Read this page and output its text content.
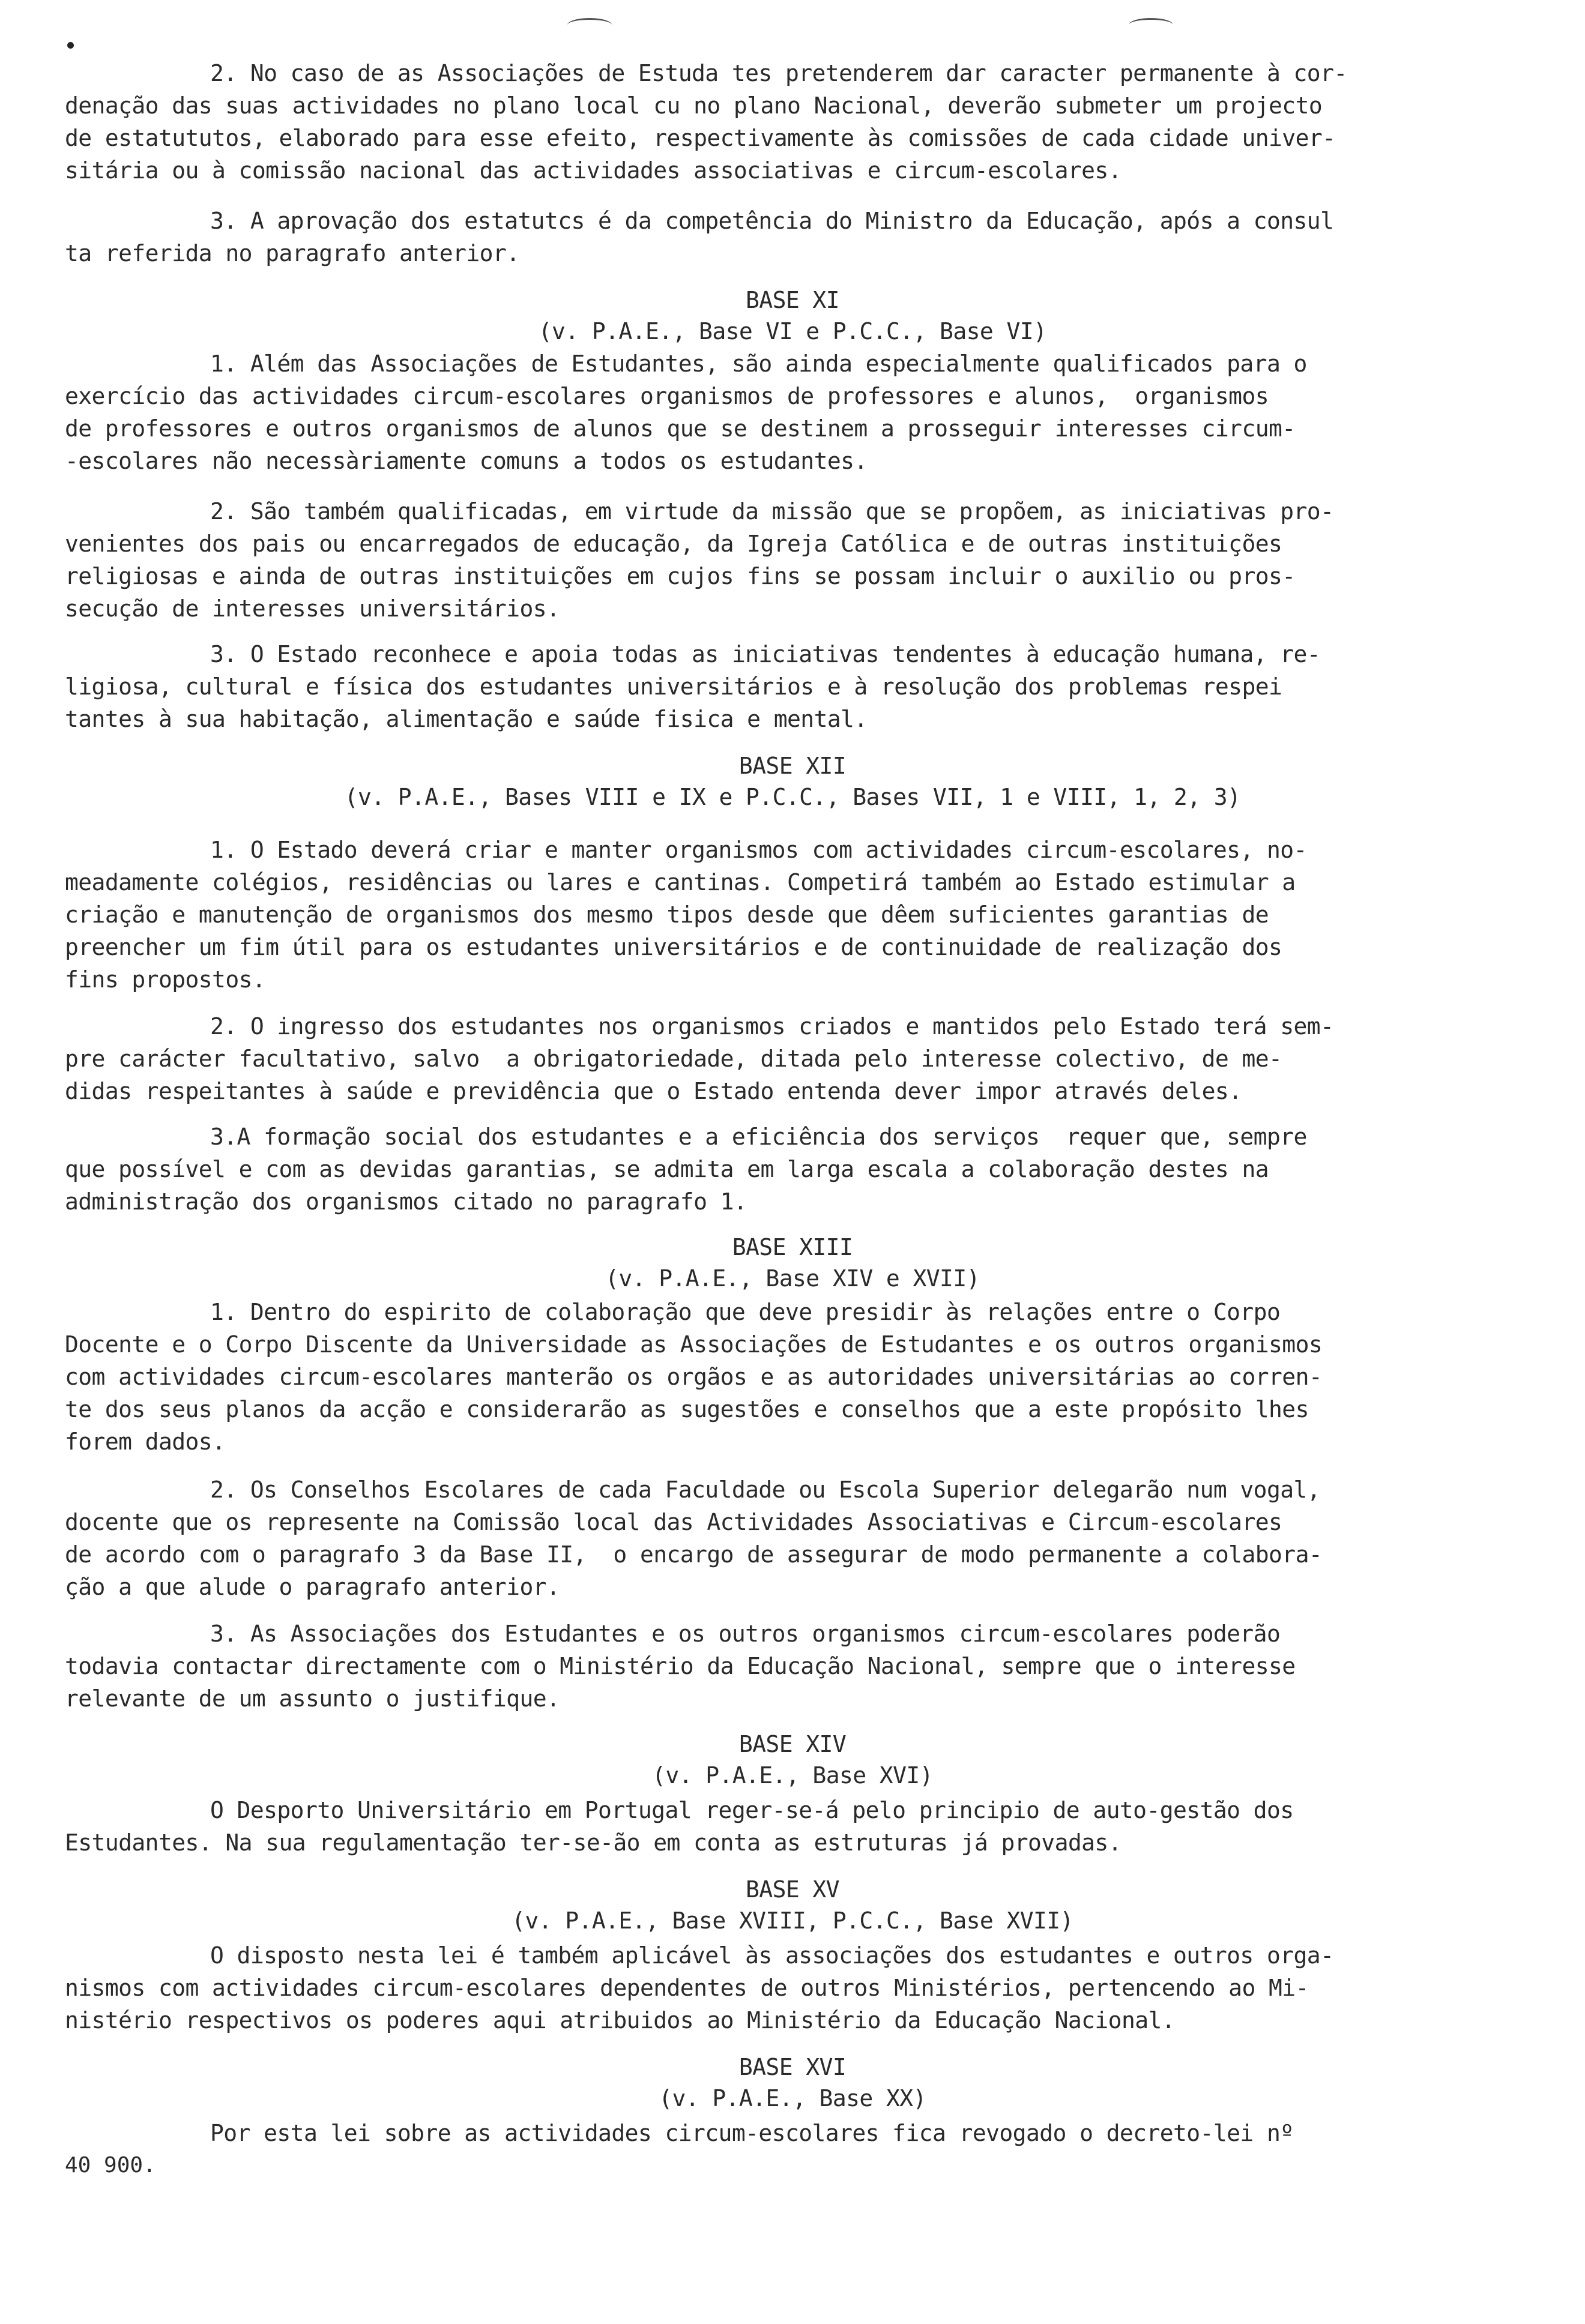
2. No caso de as Associações de Estuda tes pretenderem dar caracter permanente à cor-
denação das suas actividades no plano local cu no plano Nacional, deverão submeter um projecto
de estatututos, elaborado para esse efeito, respectivamente às comissões de cada cidade univer-
sitária ou à comissão nacional das actividades associativas e circum-escolares.
3. A aprovação dos estatutcs é da competência do Ministro da Educação, após a consul
ta referida no paragrafo anterior.
BASE XI
(v. P.A.E., Base VI e P.C.C., Base VI)
1. Além das Associações de Estudantes, são ainda especialmente qualificados para o
exercício das actividades circum-escolares organismos de professores e alunos,  organismos
de professores e outros organismos de alunos que se destinem a prosseguir interesses circum-
-escolares não necessàriamente comuns a todos os estudantes.
2. São também qualificadas, em virtude da missão que se propõem, as iniciativas pro-
venientes dos pais ou encarregados de educação, da Igreja Católica e de outras instituições
religiosas e ainda de outras instituições em cujos fins se possam incluir o auxilio ou pros-
secução de interesses universitários.
3. O Estado reconhece e apoia todas as iniciativas tendentes à educação humana, re-
ligiosa, cultural e física dos estudantes universitários e à resolução dos problemas respei
tantes à sua habitação, alimentação e saúde fisica e mental.
BASE XII
(v. P.A.E., Bases VIII e IX e P.C.C., Bases VII, 1 e VIII, 1, 2, 3)
1. O Estado deverá criar e manter organismos com actividades circum-escolares, no-
meadamente colégios, residências ou lares e cantinas. Competirá também ao Estado estimular a
criação e manutenção de organismos dos mesmo tipos desde que dêem suficientes garantias de
preencher um fim útil para os estudantes universitários e de continuidade de realização dos
fins propostos.
2. O ingresso dos estudantes nos organismos criados e mantidos pelo Estado terá sem-
pre carácter facultativo, salvo  a obrigatoriedade, ditada pelo interesse colectivo, de me-
didas respeitantes à saúde e previdência que o Estado entenda dever impor através deles.
3.A formação social dos estudantes e a eficiência dos serviços  requer que, sempre
que possível e com as devidas garantias, se admita em larga escala a colaboração destes na
administração dos organismos citado no paragrafo 1.
BASE XIII
(v. P.A.E., Base XIV e XVII)
1. Dentro do espirito de colaboração que deve presidir às relações entre o Corpo
Docente e o Corpo Discente da Universidade as Associações de Estudantes e os outros organismos
com actividades circum-escolares manterão os orgãos e as autoridades universitárias ao corren-
te dos seus planos da acção e considerarão as sugestões e conselhos que a este propósito lhes
forem dados.
2. Os Conselhos Escolares de cada Faculdade ou Escola Superior delegarão num vogal,
docente que os represente na Comissão local das Actividades Associativas e Circum-escolares
de acordo com o paragrafo 3 da Base II,  o encargo de assegurar de modo permanente a colabora-
ção a que alude o paragrafo anterior.
3. As Associações dos Estudantes e os outros organismos circum-escolares poderão
todavia contactar directamente com o Ministério da Educação Nacional, sempre que o interesse
relevante de um assunto o justifique.
BASE XIV
(v. P.A.E., Base XVI)
O Desporto Universitário em Portugal reger-se-á pelo principio de auto-gestão dos
Estudantes. Na sua regulamentação ter-se-ão em conta as estruturas já provadas.
BASE XV
(v. P.A.E., Base XVIII, P.C.C., Base XVII)
O disposto nesta lei é também aplicável às associações dos estudantes e outros orga-
nismos com actividades circum-escolares dependentes de outros Ministérios, pertencendo ao Mi-
nistério respectivos os poderes aqui atribuidos ao Ministério da Educação Nacional.
BASE XVI
(v. P.A.E., Base XX)
Por esta lei sobre as actividades circum-escolares fica revogado o decreto-lei nº
40 900.
